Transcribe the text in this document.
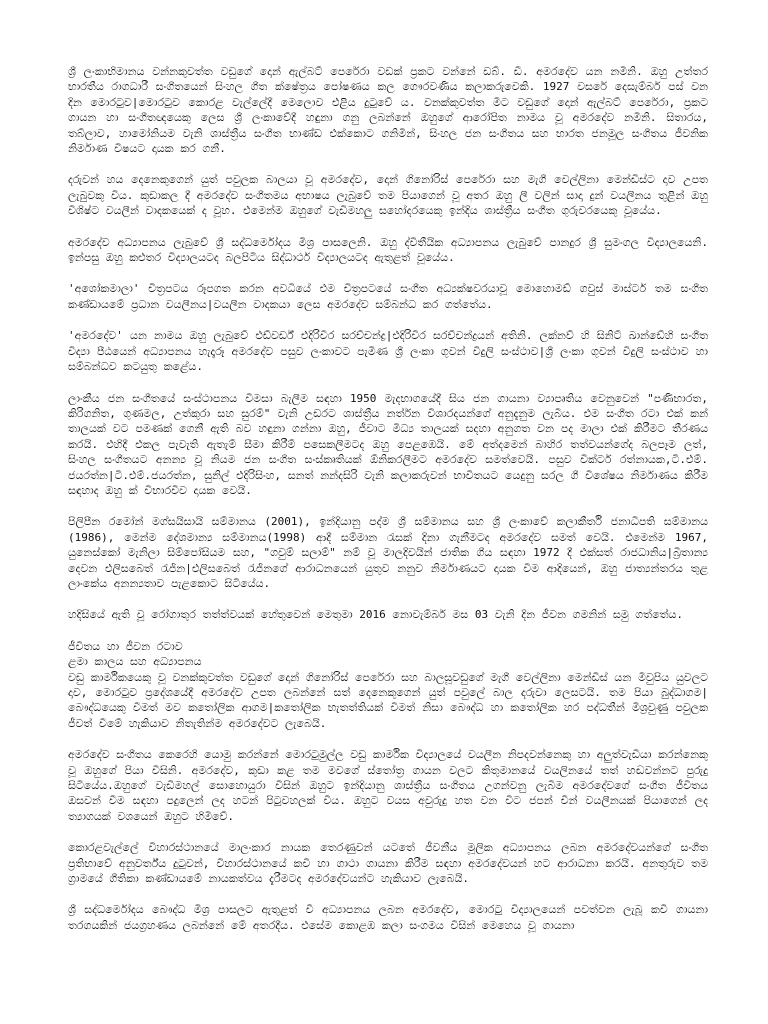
ශ්‍රී ලංකාභිමානය වන්නකුවත්ත වඩුගේ දොන් ඇල්බට් පෙරේරා වඩක් ප්‍රකට වන්නේ ඩබ්. ඩී. අමරදේව යන නමිනි. ඔහු උත්තර භාරතීය රාගධාරී සංගීතයෙන් සිංහල ගීත ක්ෂේත්‍රය පෝෂණය කල ගෞරවණිය කලාකරුවෙකි. 1927 වසරේ දෙසැම්බර් පස් වන දින මොරටුව|මොරටුව කොරළ වැල්ලේදී මෙලොව එළිය දුටුවේ ය. වනක්කුවත්ත මීට වඩුගේ දොන් ඇල්බට් පෙරේරා, ප්‍රකට ගායන හා සංගීතඥයෙකු ලෙස ශ්‍රී ලංකාවේදී හඳුනා ගනු ලබන්නේ ඔහුගේ ආරෝපිත නාමය වූ අමරදේව නමිනි. සිතාරය, තබ්ලාව, හාමෝනියම වැනි ශාස්ත්‍රීය සංගීත භාණ්ඩ එක්කොට ගනිමින්, සිංහල ජන සංගීතය සහ භාරත ජනමූල සංගීතය ජීවනික නිර්මාණ විෂයට දායක කර ගනී.

දරුවන් හය දෙනෙකුගෙන් යුත් පවුලක බාලයා වූ අමරදේව, දොන් ගිනෝරිස් පෙරේරා සහ මැගී වෙල්ලිනා මෙන්ඩිස්ට දාව උපත ලැබුවකු විය. කුඩාකල දී අමරදේව සංගීතමය අභාෂය ලැබුවේ තම පියාගෙන් වූ අතර ඔහු ලී වලින් සාදා දුන් වයලීනය තුළින් ඔහු විශිෂ්ට වයලීන් වාදකයෙක් ද වූහ. එමෙන්ම ඔහුගේ වැඩිමහලු සහෝදරයෙකු ඉන්දිය ශාස්ත්‍රීය සංගීත ගුරුවරයෙකු වූයේය.

අමරදේව අධ්‍යාපනය ලැබුවේ ශ්‍රී සද්ධර්මෝදය මිශ්‍ර පාසලෙනි. ඔහු ද්විතීයික අධ්‍යාපනය ලැබුවේ පානදුර ශ්‍රී සුමංගල විද්‍යාලයෙනි. ඉන්පසු ඔහු කළුතර විද්‍යාලයටද බලපිටිය සිද්ධාර්ථ විද්‍යාලයටද ඇතුළත් වූයේය.

'අශෝකමාලා' චිත්‍රපටය රූපගත කරන අවධියේ එම චිත්‍රපටයේ සංගීත අධ්‍යක්ෂවරයාවූ මොහොමඩ් ගවුස් මාස්ටර් තම සංගීත කණ්ඩායමේ ප්‍රධාන වයලීනය|වයලීන වාදකයා ලෙස අමරදේව සම්බන්ධ කර ගත්තේය.

'අමරදේව' යන නාමය ඔහු ලැබුවේ එඩ්වර්ඩ් එදිරිවීර සරච්චන්ද්‍ර|එදිරිවීර සරච්චන්ද්‍රයන් අතිනි. ලක්නව් හි සිනිට් ඛාන්ඩේහි සංගීත විද්‍යා පීඨයෙන් අධ්‍යාපනය හැදෑරූ අමරදේව පසුව ලංකාවට පැමිණ ශ්‍රී ලංකා ගුවන් විදුලි සංස්ථාව|ශ්‍රී ලංකා ගුවන් විදුලි සංස්ථාව හා සම්බන්ධව කටයුතු කළේය.

ලාංකීය ජන සංගීතයේ සංස්ථාපනය විමසා බැලීම සඳහා 1950 මැදභාගයේදී සිය ජන ගායනා ව්‍යාපෘතිය වෙනුවෙන් "පණිභාරත, කිරිගනිත, ගුණමල, උත්කුරා සහ සුරම්" වැනි උඩරට ශාස්ත්‍රීය නත්ර්න විශාරදයන්ගේ අනුදැනුම ලැබීය. එම සංගීත රටා එක් කන් තාලයක් වට පමණක් ගෙනී ඇති බව හඳුනා ගන්නා ඔහු, ජීවාට මිධ්‍ය තාලයක් සදහා අනුගත වන පද මාලා එක් කිරීමට තීරණය කරයි. එහිදී එකල පැවැති ඇතැම් සීමා කිරීම් පසෙකලීමටද ඔහු පෙළඹෙයි. මේ අත්දමෙන් බාහිර තත්වයන්ගේද බලපෑම ලත්, සිංහල සංගීතයට අනන්‍ය වූ නියම ජන සංගීත සංස්කෘතියක් ඕනිකරලීමට අමරදේව සමත්වෙයි. පසුව වික්ටර් රත්නායක,ටී.එම්. ජයරත්න|ටී.එම්.ජයරත්න, සුනිල් එදිරිසිංහ, සනත් නන්දසිරි වැනි කලාකරුවන් භාවිතයට යෙදුනු සරල ගී විශේෂය නිර්මාණය කිරීම සඳහාද ඔහු ක් විභාරවිව දායක වෙයි.

පිලිපීන රමෝන් මග්සයිසායි සම්මානය (2001), ඉන්දියානු පද්ම ශ්‍රී සම්මානය සහ ශ්‍රී ලංකාවේ කලාකීර්ති ජනාධිපති සම්මානය (1986), මෙන්ම දේශමාන්‍ය සම්මානය(1998) ආදී සම්මාන රැසක් දිනා ගැනීමටද අමරදේව සමත් වෙයි. එමෙන්ම 1967, යුනෙස්කෝ මැනිලා සිම්පෝසියම සහ, "ගවුම් සලාම්" නම් වූ මාලදිවයින් ජාතික ගීය සඳහා 1972 දී එක්සත් රාජධානිය|බ්‍රිතාන්‍ය දෙවන එලිසබෙත් රැජින|එලිසබෙත් රැජිනගේ ආරාධනයෙන් යුතුව නනුව නිර්මාණයට දායක වීම ආදියෙන්, ඔහු ජාත්‍යන්තරය තුළ ලාංකේය අනන්‍යතාව පැළකොට සිටියේය.

හදිසියේ ඇති වූ රෝගාතුර තත්ත්වයක් හේතුවෙන් මෙතුමා 2016 නොවැම්බර් මස 03 වැනි දින ජීවන ගමනින් සමු ගත්තේය.

ජීවිතය හා ජීවන රටාව

ළමා කාලය සහ අධ්‍යාපනය

වඩු කාර්මිකයෙකු වූ වනක්කුවත්ත වඩුගේ දොන් ගිනෝරිස් පෙරේරා සහ බාලසූවඩුගේ මැගී වෙල්ලිනා මෙන්ඩිස් යන මිවුපිය යුවලට දාව, මොරටුව ප්‍රදේශයේදී අමරදේව උපත ලබන්නේ සත් දෙනෙකුගෙන් යුත් පවුලේ බාල දරුවා ලෙසටයි. තම පියා බුද්ධාගම|බෞද්ධයෙකු වීමත් මව කතෝලික ආගම|කතෝලික භැතත්තියක් වීමත් නිසා බෞද්ධ හා කතෝලික හර පද්ධතීන් මිශ්‍රවුණු පවුලක ජීවත් වීමේ හැකියාව නිතැතින්ම අමරදේවට ලැබෙයි.

අමරදේව සංගීතය කෙරෙහි යොමු කරන්නේ මොරටුමුල්ල වඩු කාර්මික විද්‍යාලයේ වයලීන නිපදවන්නෙකු හා අලුත්වැඩියා කරන්නෙකු වූ ඔහුගේ පියා විසිනි. අමරදේව, කුඩා කළ තම මවගේ ස්තෝත්‍ර ගායන වලට කිතුමානයේ වයලිනයේ තත් හඬවන්නට පුරුදු සිටියේය.ඔහුගේ වැඩිමහල් සොහොයුරා විසින් ඔහුට ඉන්දියානු ශාස්ත්‍රීය සංගීතය උගන්වනු ලැබීම අමරදේවගේ සංගීත ජීවිතය ඔසවන් වීම සඳහා පදුලෙන් ලද හටන් පිටුවහලක් විය. ඔහුට වයස අවුරුදු හත වන විට ජපන් චීන් වයලීනයක් පියාගෙන් ලද ත්‍යාගයක් වශයෙන් ඔහුට හිමිවේ.

කොරළවැල්ලේ විහාරස්ථානයේ මාලංකාර නායක තෙරණුවන් යටතේ ජීවනීය මූලික අධ්‍යාපනය ලබන අමරදේවයන්ගේ සංගීත ප්‍රතිභාවේ අනුවර්ත්ය දුටුවන්, විහාරස්ථානයේ කවි හා ගාථා ගායනා කිරීම සඳහා අමරදේවයන් හට ආරාධනා කරයි. අනතුරුව තම ග්‍රාමයේ ගීතිකා කණ්ඩායමේ නායකත්වය දැරීමටද අමරදේවයන්ට හැකියාව ලැබෙයි.

ශ්‍රී සද්ධර්මෝදය බෞද්ධ මිශ්‍ර පාසලට ඇතුළත් වී අධ්‍යාපනය ලබන අමරදේව, මොරටු විද්‍යාලයෙන් පවත්වන ලැබූ කවි ගායනා තරගයකින් ජයග්‍රහණය ලබන්නේ මේ අතරදීය. එසේම කොළඹ කලා සංගමය විසින් මෙහෙය වූ ගායනා
